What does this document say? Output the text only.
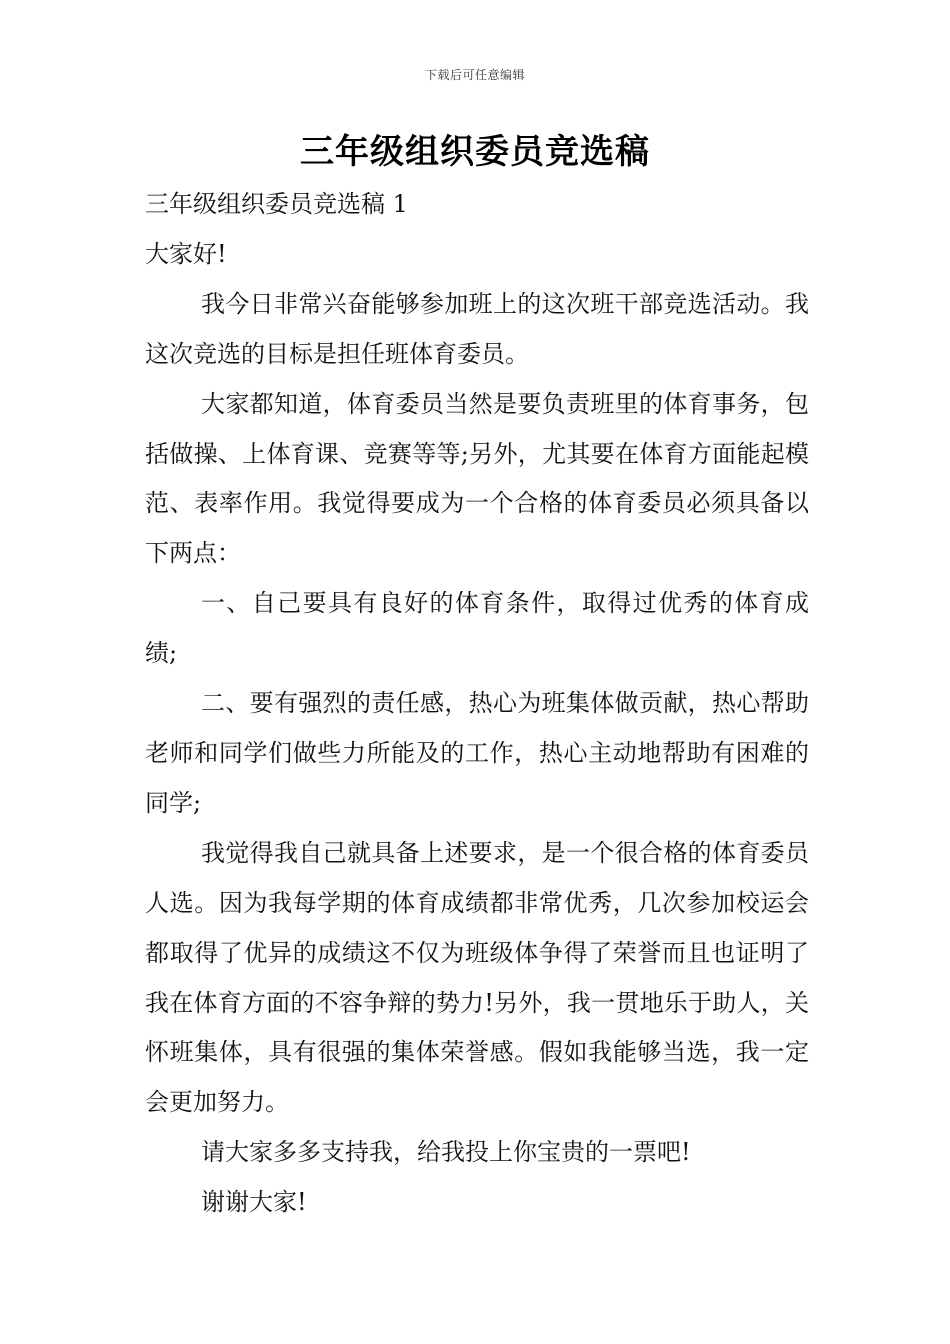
下载后可任意编辑
三年级组织委员竞选稿

三年级组织委员竞选稿 1

大家好!

我今日非常兴奋能够参加班上的这次班干部竞选活动。我这次竞选的目标是担任班体育委员。

大家都知道，体育委员当然是要负责班里的体育事务，包括做操、上体育课、竞赛等等;另外，尤其要在体育方面能起模范、表率作用。我觉得要成为一个合格的体育委员必须具备以下两点：

一、自己要具有良好的体育条件，取得过优秀的体育成绩;

二、要有强烈的责任感，热心为班集体做贡献，热心帮助老师和同学们做些力所能及的工作，热心主动地帮助有困难的同学;

我觉得我自己就具备上述要求，是一个很合格的体育委员人选。因为我每学期的体育成绩都非常优秀，几次参加校运会都取得了优异的成绩这不仅为班级体争得了荣誉而且也证明了我在体育方面的不容争辩的势力!另外，我一贯地乐于助人，关怀班集体，具有很强的集体荣誉感。假如我能够当选，我一定会更加努力。

请大家多多支持我，给我投上你宝贵的一票吧!

谢谢大家!
